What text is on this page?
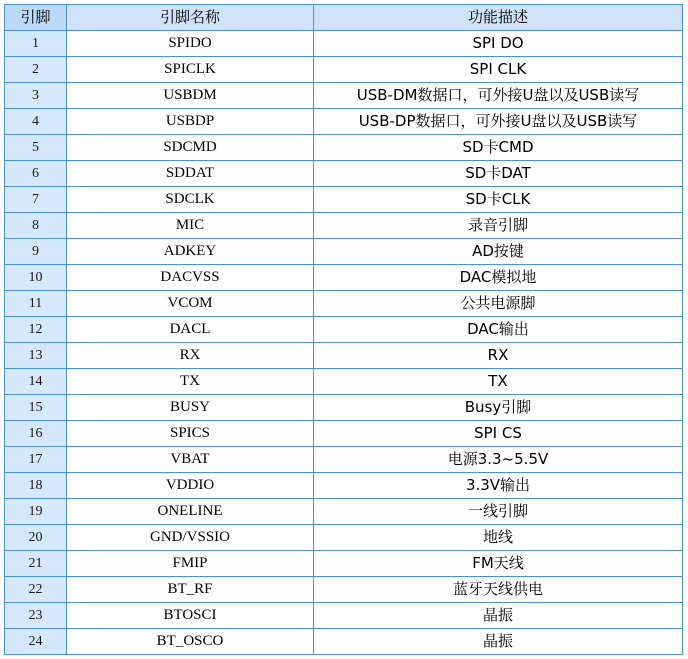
引脚	引脚名称	功能描述
1	SPIDO	SPI DO
2	SPICLK	SPI CLK
3	USBDM	USB-DM数据口，可外接U盘以及USB读写
4	USBDP	USB-DP数据口，可外接U盘以及USB读写
5	SDCMD	SD卡CMD
6	SDDAT	SD卡DAT
7	SDCLK	SD卡CLK
8	MIC	录音引脚
9	ADKEY	AD按键
10	DACVSS	DAC模拟地
11	VCOM	公共电源脚
12	DACL	DAC输出
13	RX	RX
14	TX	TX
15	BUSY	Busy引脚
16	SPICS	SPI CS
17	VBAT	电源3.3~5.5V
18	VDDIO	3.3V输出
19	ONELINE	一线引脚
20	GND/VSSIO	地线
21	FMIP	FM天线
22	BT_RF	蓝牙天线供电
23	BTOSCI	晶振
24	BT_OSCO	晶振
